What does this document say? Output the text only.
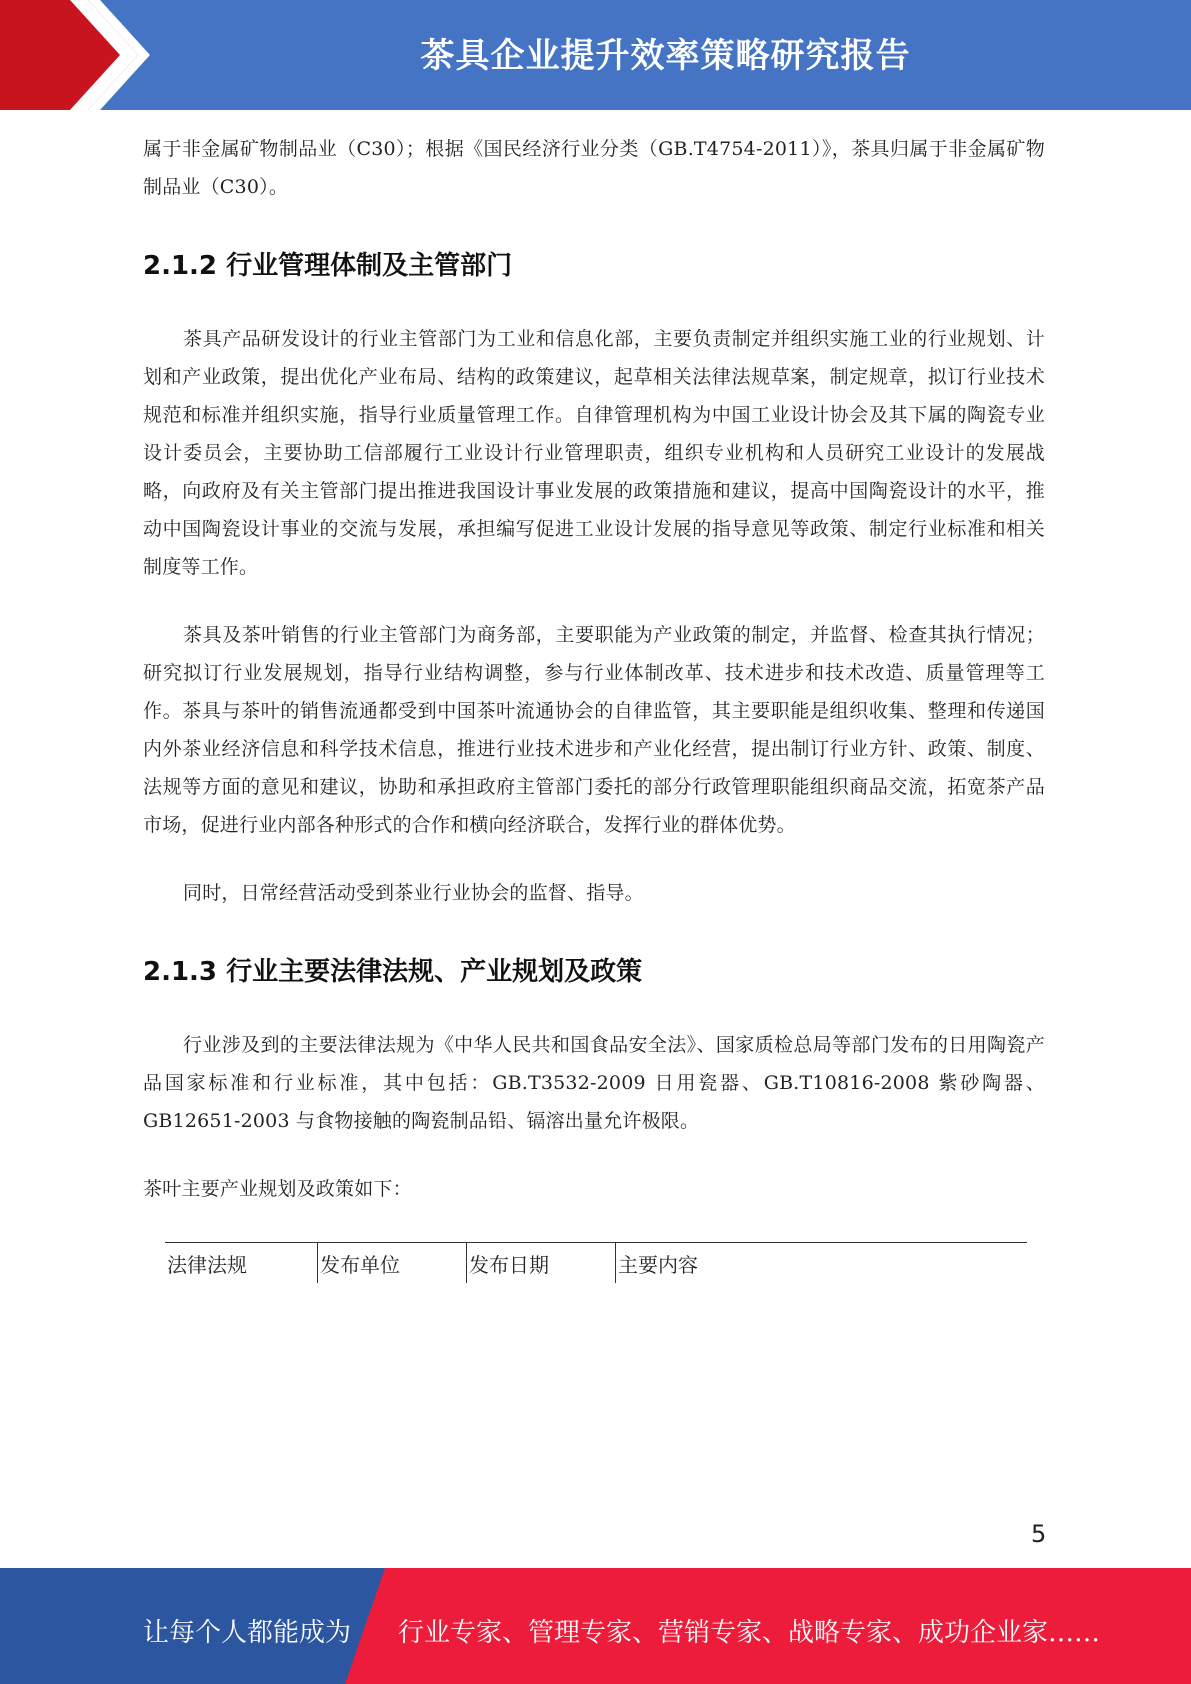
茶具企业提升效率策略研究报告

属于非金属矿物制品业（C30）；根据《国民经济行业分类（GB.T4754-2011）》，茶具归属于非金属矿物制品业（C30）。

2.1.2 行业管理体制及主管部门

茶具产品研发设计的行业主管部门为工业和信息化部，主要负责制定并组织实施工业的行业规划、计划和产业政策，提出优化产业布局、结构的政策建议，起草相关法律法规草案，制定规章，拟订行业技术规范和标准并组织实施，指导行业质量管理工作。自律管理机构为中国工业设计协会及其下属的陶瓷专业设计委员会，主要协助工信部履行工业设计行业管理职责，组织专业机构和人员研究工业设计的发展战略，向政府及有关主管部门提出推进我国设计事业发展的政策措施和建议，提高中国陶瓷设计的水平，推动中国陶瓷设计事业的交流与发展，承担编写促进工业设计发展的指导意见等政策、制定行业标准和相关制度等工作。

茶具及茶叶销售的行业主管部门为商务部，主要职能为产业政策的制定，并监督、检查其执行情况；研究拟订行业发展规划，指导行业结构调整，参与行业体制改革、技术进步和技术改造、质量管理等工作。茶具与茶叶的销售流通都受到中国茶叶流通协会的自律监管，其主要职能是组织收集、整理和传递国内外茶业经济信息和科学技术信息，推进行业技术进步和产业化经营，提出制订行业方针、政策、制度、法规等方面的意见和建议，协助和承担政府主管部门委托的部分行政管理职能组织商品交流，拓宽茶产品市场，促进行业内部各种形式的合作和横向经济联合，发挥行业的群体优势。

同时，日常经营活动受到茶业行业协会的监督、指导。

2.1.3 行业主要法律法规、产业规划及政策

行业涉及到的主要法律法规为《中华人民共和国食品安全法》、国家质检总局等部门发布的日用陶瓷产品国家标准和行业标准，其中包括：GB.T3532-2009 日用瓷器、GB.T10816-2008 紫砂陶器、GB12651-2003 与食物接触的陶瓷制品铅、镉溶出量允许极限。

茶叶主要产业规划及政策如下：

法律法规	发布单位	发布日期	主要内容
5
让每个人都能成为 行业专家、管理专家、营销专家、战略专家、成功企业家……
